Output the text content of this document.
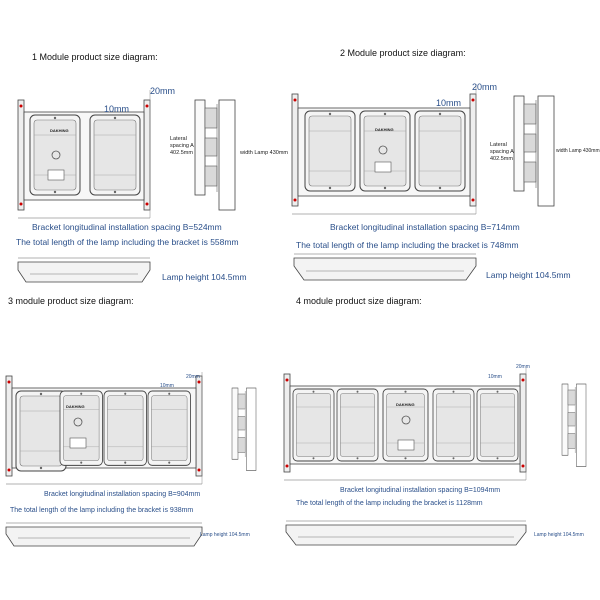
1 Module product size diagram:
20mm
10mm
DAKHING
Lateral
spacing A
402.5mm	width Lamp 430mm
Bracket longitudinal installation spacing B=524mm
The total length of the lamp including the bracket is 558mm
Lamp height 104.5mm
2 Module product size diagram:
20mm
10mm
DAKHING
Lateral
spacing A
402.5mm
width Lamp 430mm
Bracket longitudinal installation spacing B=714mm
The total length of the lamp including the bracket is 748mm
Lamp height 104.5mm
3 module product size diagram:
20mm
10mm
DAKHING
Bracket longitudinal installation spacing B=904mm
The total length of the lamp including the bracket is 938mm
Lamp height 104.5mm
4 module product size diagram:
20mm
10mm
DAKHING
Bracket longitudinal installation spacing B=1094mm
The total length of the lamp including the bracket is 1128mm
Lamp height 104.5mm
